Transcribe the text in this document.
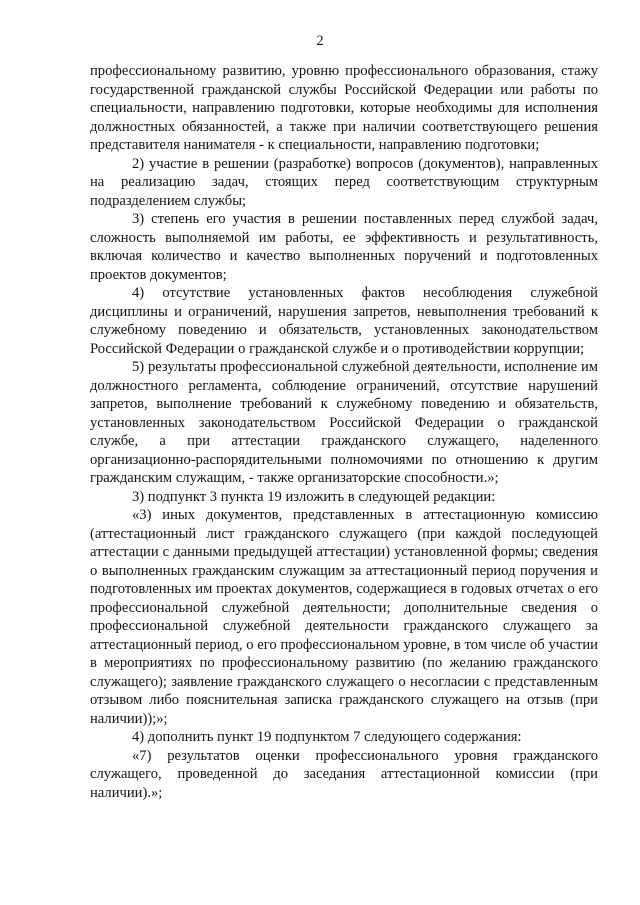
2

профессиональному развитию, уровню профессионального образования, стажу государственной гражданской службы Российской Федерации или работы по специальности, направлению подготовки, которые необходимы для исполнения должностных обязанностей, а также при наличии соответствующего решения представителя нанимателя - к специальности, направлению подготовки;

2) участие в решении (разработке) вопросов (документов), направленных на реализацию задач, стоящих перед соответствующим структурным подразделением службы;

3) степень его участия в решении поставленных перед службой задач, сложность выполняемой им работы, ее эффективность и результативность, включая количество и качество выполненных поручений и подготовленных проектов документов;

4) отсутствие установленных фактов несоблюдения служебной дисциплины и ограничений, нарушения запретов, невыполнения требований к служебному поведению и обязательств, установленных законодательством Российской Федерации о гражданской службе и о противодействии коррупции;

5) результаты профессиональной служебной деятельности, исполнение им должностного регламента, соблюдение ограничений, отсутствие нарушений запретов, выполнение требований к служебному поведению и обязательств, установленных законодательством Российской Федерации о гражданской службе, а при аттестации гражданского служащего, наделенного организационно-распорядительными полномочиями по отношению к другим гражданским служащим, - также организаторские способности.»;

3) подпункт 3 пункта 19 изложить в следующей редакции:

«3) иных документов, представленных в аттестационную комиссию (аттестационный лист гражданского служащего (при каждой последующей аттестации с данными предыдущей аттестации) установленной формы; сведения о выполненных гражданским служащим за аттестационный период поручения и подготовленных им проектах документов, содержащиеся в годовых отчетах о его профессиональной служебной деятельности; дополнительные сведения о профессиональной служебной деятельности гражданского служащего за аттестационный период, о его профессиональном уровне, в том числе об участии в мероприятиях по профессиональному развитию (по желанию гражданского служащего); заявление гражданского служащего о несогласии с представленным отзывом либо пояснительная записка гражданского служащего на отзыв (при наличии));»;

4) дополнить пункт 19 подпунктом 7 следующего содержания:

«7) результатов оценки профессионального уровня гражданского служащего, проведенной до заседания аттестационной комиссии (при наличии).»;
